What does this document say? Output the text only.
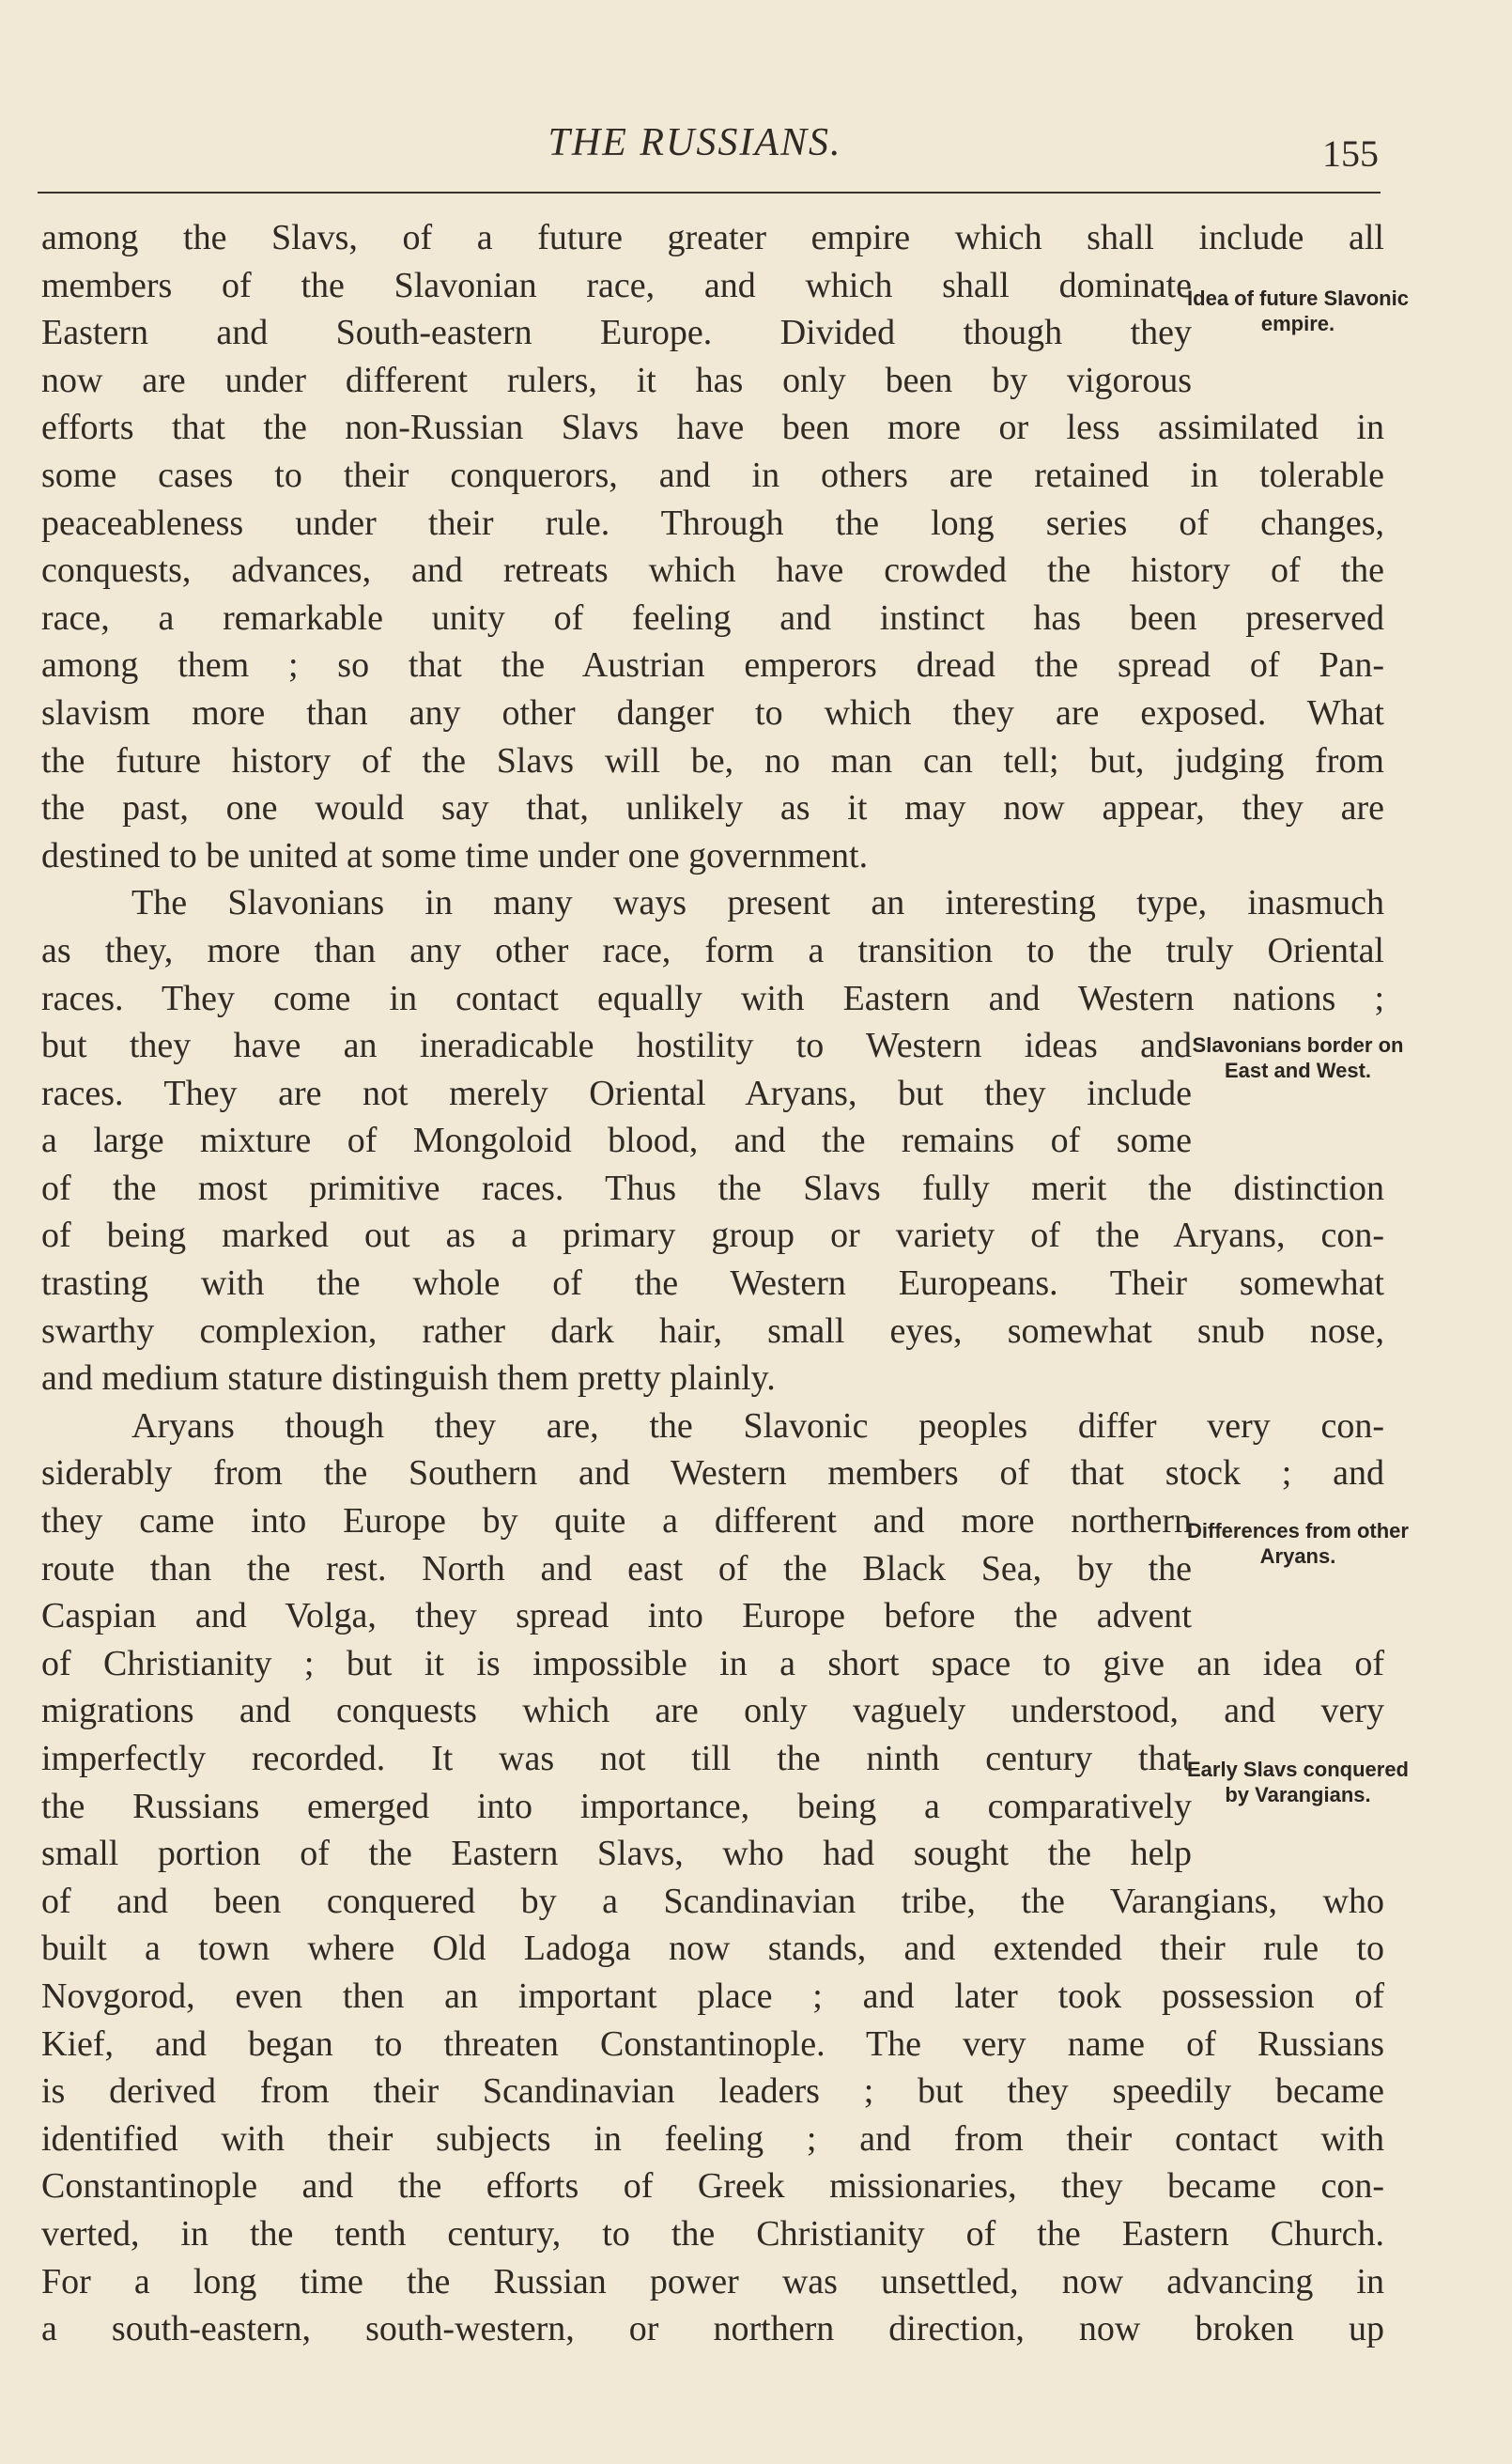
THE RUSSIANS.	155
among the Slavs, of a future greater empire which shall include all
members of the Slavonian race, and which shall dominate
Eastern and South-eastern Europe. Divided though they
now are under different rulers, it has only been by vigorous
efforts that the non-Russian Slavs have been more or less assimilated in
some cases to their conquerors, and in others are retained in tolerable
peaceableness under their rule. Through the long series of changes,
conquests, advances, and retreats which have crowded the history of the
race, a remarkable unity of feeling and instinct has been preserved
among them ; so that the Austrian emperors dread the spread of Pan-
slavism more than any other danger to which they are exposed. What
the future history of the Slavs will be, no man can tell; but, judging from
the past, one would say that, unlikely as it may now appear, they are
destined to be united at some time under one government.
The Slavonians in many ways present an interesting type, inasmuch
as they, more than any other race, form a transition to the truly Oriental
races. They come in contact equally with Eastern and Western nations ;
but they have an ineradicable hostility to Western ideas and
races. They are not merely Oriental Aryans, but they include
a large mixture of Mongoloid blood, and the remains of some
of the most primitive races. Thus the Slavs fully merit the distinction
of being marked out as a primary group or variety of the Aryans, con-
trasting with the whole of the Western Europeans. Their somewhat
swarthy complexion, rather dark hair, small eyes, somewhat snub nose,
and medium stature distinguish them pretty plainly.
Aryans though they are, the Slavonic peoples differ very con-
siderably from the Southern and Western members of that stock ; and
they came into Europe by quite a different and more northern
route than the rest. North and east of the Black Sea, by the
Caspian and Volga, they spread into Europe before the advent
of Christianity ; but it is impossible in a short space to give an idea of
migrations and conquests which are only vaguely understood, and very
imperfectly recorded. It was not till the ninth century that
the Russians emerged into importance, being a comparatively
small portion of the Eastern Slavs, who had sought the help
of and been conquered by a Scandinavian tribe, the Varangians, who
built a town where Old Ladoga now stands, and extended their rule to
Novgorod, even then an important place ; and later took possession of
Kief, and began to threaten Constantinople. The very name of Russians
is derived from their Scandinavian leaders ; but they speedily became
identified with their subjects in feeling ; and from their contact with
Constantinople and the efforts of Greek missionaries, they became con-
verted, in the tenth century, to the Christianity of the Eastern Church.
For a long time the Russian power was unsettled, now advancing in
a south-eastern, south-western, or northern direction, now broken up
Idea of future Slavonic empire.
Slavonians border on East and West.
Differences from other Aryans.
Early Slavs conquered by Varangians.
